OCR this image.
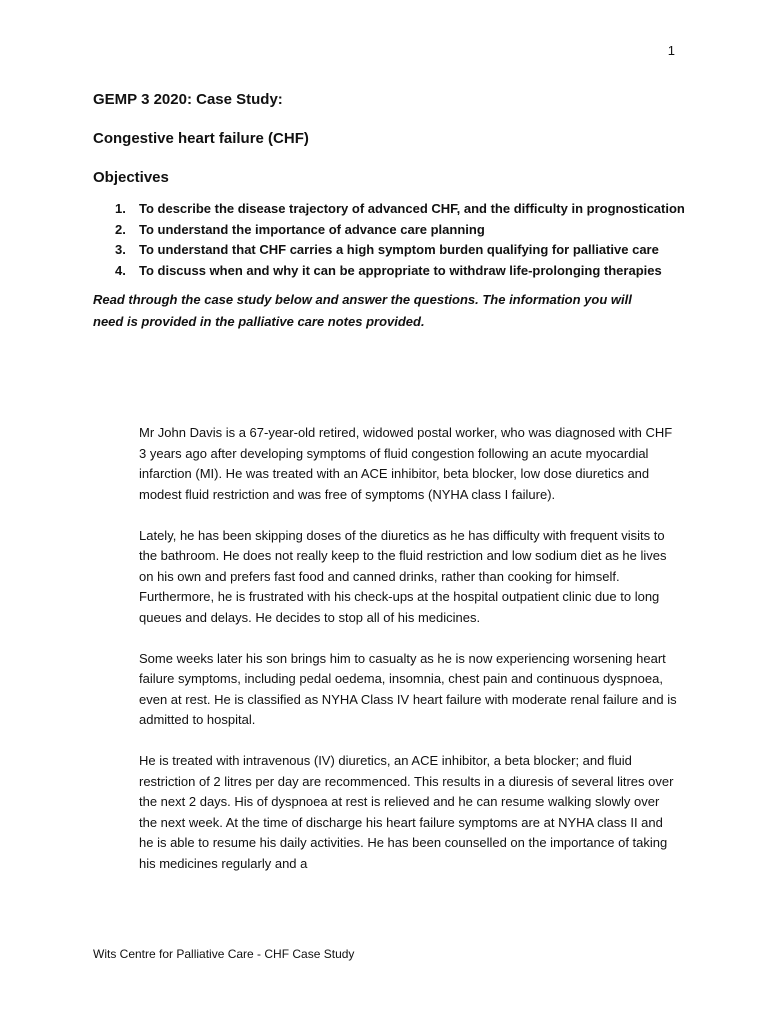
1
GEMP 3 2020: Case Study:
Congestive heart failure (CHF)
Objectives
1. To describe the disease trajectory of advanced CHF, and the difficulty in prognostication
2. To understand the importance of advance care planning
3. To understand that CHF carries a high symptom burden qualifying for palliative care
4. To discuss when and why it can be appropriate to withdraw life-prolonging therapies

Read through the case study below and answer the questions. The information you will need is provided in the palliative care notes provided.

Mr John Davis is a 67-year-old retired, widowed postal worker, who was diagnosed with CHF 3 years ago after developing symptoms of fluid congestion following an acute myocardial infarction (MI). He was treated with an ACE inhibitor, beta blocker, low dose diuretics and modest fluid restriction and was free of symptoms (NYHA class I failure).

Lately, he has been skipping doses of the diuretics as he has difficulty with frequent visits to the bathroom. He does not really keep to the fluid restriction and low sodium diet as he lives on his own and prefers fast food and canned drinks, rather than cooking for himself. Furthermore, he is frustrated with his check-ups at the hospital outpatient clinic due to long queues and delays. He decides to stop all of his medicines.

Some weeks later his son brings him to casualty as he is now experiencing worsening heart failure symptoms, including pedal oedema, insomnia, chest pain and continuous dyspnoea, even at rest. He is classified as NYHA Class IV heart failure with moderate renal failure and is admitted to hospital.

He is treated with intravenous (IV) diuretics, an ACE inhibitor, a beta blocker; and fluid restriction of 2 litres per day are recommenced. This results in a diuresis of several litres over the next 2 days. His of dyspnoea at rest is relieved and he can resume walking slowly over the next week. At the time of discharge his heart failure symptoms are at NYHA class II and he is able to resume his daily activities. He has been counselled on the importance of taking his medicines regularly and a

Wits Centre for Palliative Care - CHF Case Study
